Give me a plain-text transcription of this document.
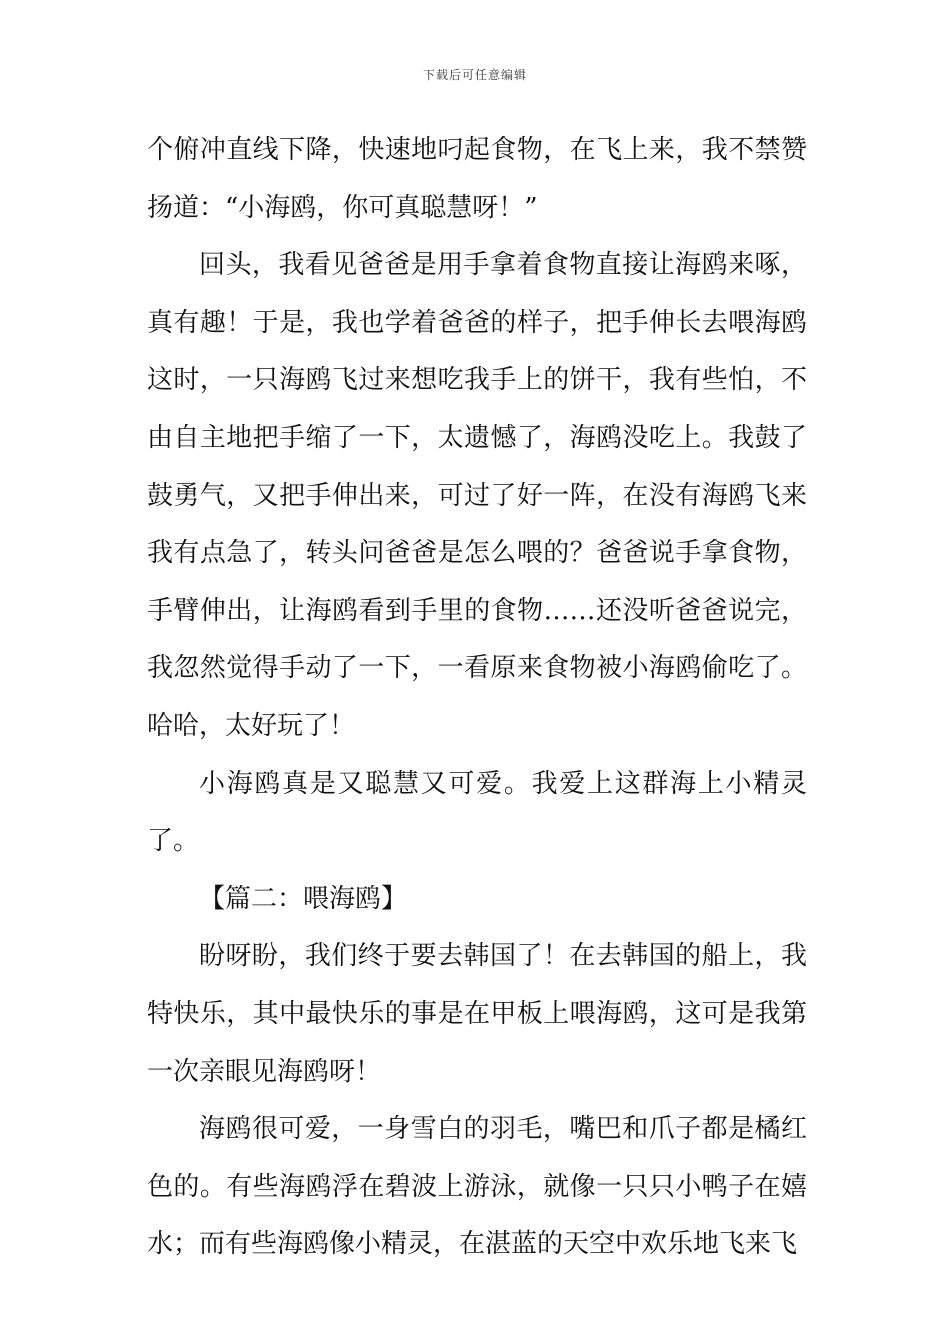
下载后可任意编辑

个俯冲直线下降，快速地叼起食物，在飞上来，我不禁赞扬道：“小海鸥，你可真聪慧呀！”

回头，我看见爸爸是用手拿着食物直接让海鸥来啄，真有趣！于是，我也学着爸爸的样子，把手伸长去喂海鸥这时，一只海鸥飞过来想吃我手上的饼干，我有些怕，不由自主地把手缩了一下，太遗憾了，海鸥没吃上。我鼓了鼓勇气，又把手伸出来，可过了好一阵，在没有海鸥飞来我有点急了，转头问爸爸是怎么喂的？爸爸说手拿食物，手臂伸出，让海鸥看到手里的食物……还没听爸爸说完，我忽然觉得手动了一下，一看原来食物被小海鸥偷吃了。哈哈，太好玩了！

小海鸥真是又聪慧又可爱。我爱上这群海上小精灵了。

【篇二：喂海鸥】

盼呀盼，我们终于要去韩国了！在去韩国的船上，我特快乐，其中最快乐的事是在甲板上喂海鸥，这可是我第一次亲眼见海鸥呀！

海鸥很可爱，一身雪白的羽毛，嘴巴和爪子都是橘红色的。有些海鸥浮在碧波上游泳，就像一只只小鸭子在嬉水；而有些海鸥像小精灵，在湛蓝的天空中欢乐地飞来飞
